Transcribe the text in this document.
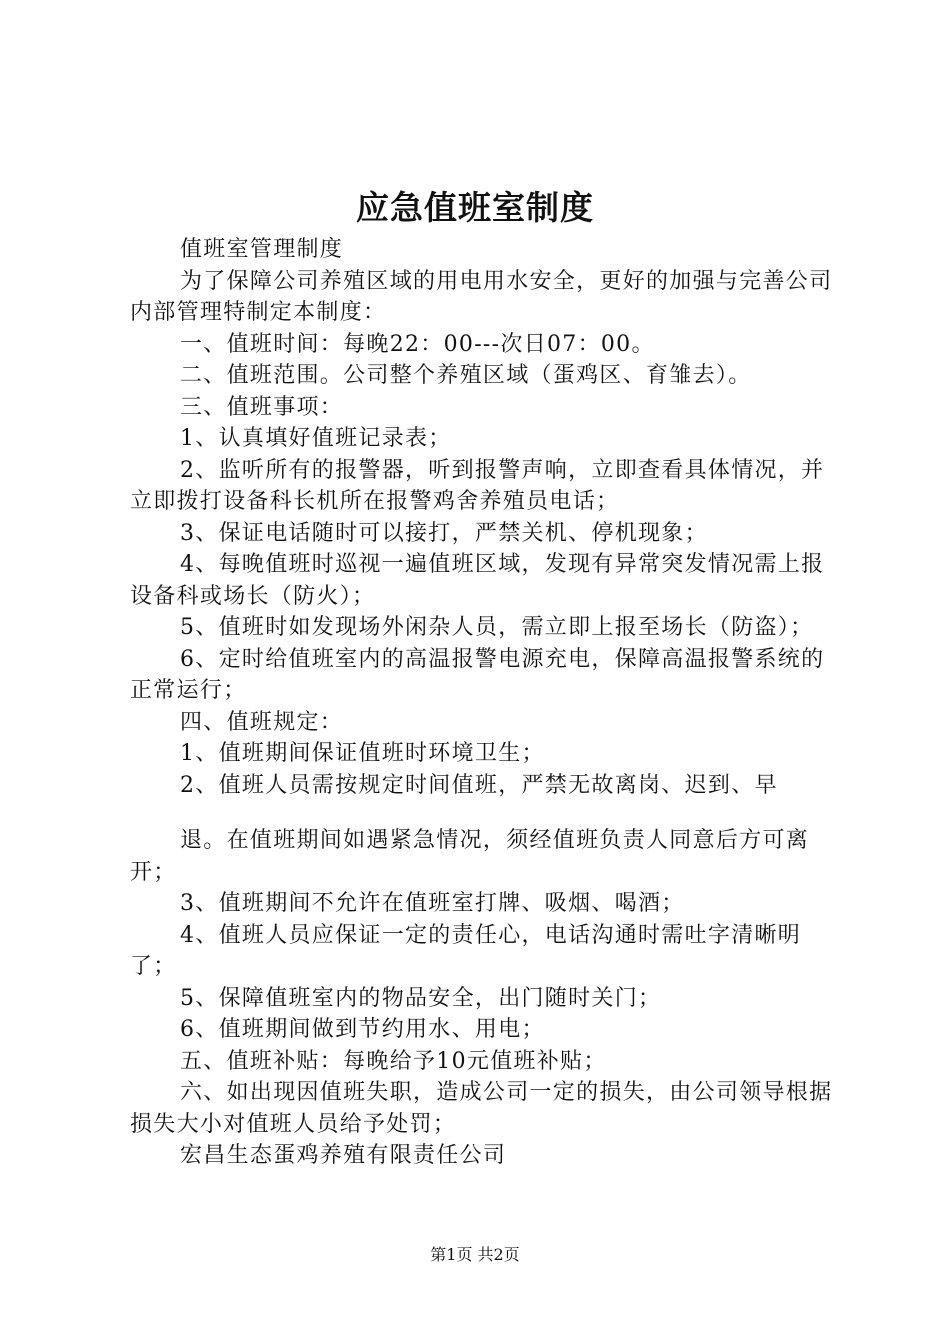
应急值班室制度

值班室管理制度

为了保障公司养殖区域的用电用水安全，更好的加强与完善公司内部管理特制定本制度：

一、值班时间：每晚22：00---次日07：00。

二、值班范围。公司整个养殖区域（蛋鸡区、育雏去）。

三、值班事项：

1、认真填好值班记录表；

2、监听所有的报警器，听到报警声响，立即查看具体情况，并立即拨打设备科长机所在报警鸡舍养殖员电话；

3、保证电话随时可以接打，严禁关机、停机现象；

4、每晚值班时巡视一遍值班区域，发现有异常突发情况需上报设备科或场长（防火）；

5、值班时如发现场外闲杂人员，需立即上报至场长（防盗）；

6、定时给值班室内的高温报警电源充电，保障高温报警系统的正常运行；

四、值班规定：

1、值班期间保证值班时环境卫生；

2、值班人员需按规定时间值班，严禁无故离岗、迟到、早

退。在值班期间如遇紧急情况，须经值班负责人同意后方可离开；

3、值班期间不允许在值班室打牌、吸烟、喝酒；

4、值班人员应保证一定的责任心，电话沟通时需吐字清晰明了；

5、保障值班室内的物品安全，出门随时关门；

6、值班期间做到节约用水、用电；

五、值班补贴：每晚给予10元值班补贴；

六、如出现因值班失职，造成公司一定的损失，由公司领导根据损失大小对值班人员给予处罚；

宏昌生态蛋鸡养殖有限责任公司

第1页 共2页
